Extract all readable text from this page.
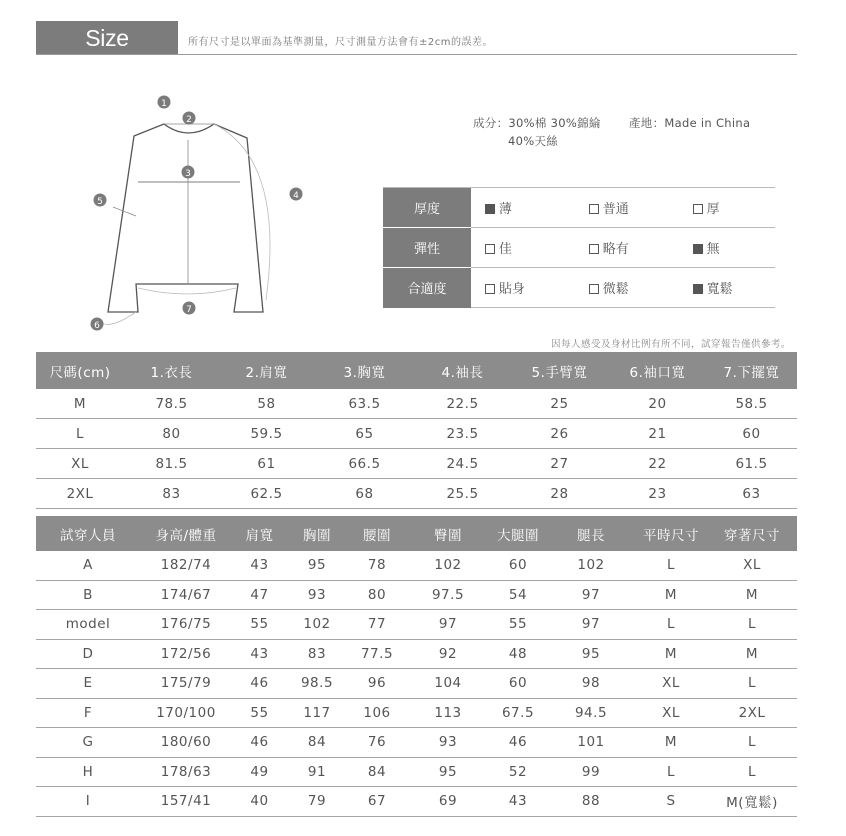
Size Information
所有尺寸是以單面為基準測量，尺寸測量方法會有±2cm的誤差。
1
2
3
4
5
6
7
成分：30%棉 30%錦綸
40%天絲
產地：Made in China
厚度	薄	普通	厚
彈性	佳	略有	無
合適度	貼身	微鬆	寬鬆
因每人感受及身材比例有所不同，試穿報告僅供參考。
尺碼(cm)	1.衣長	2.肩寬	3.胸寬	4.袖長	5.手臂寬	6.袖口寬	7.下擺寬
M	78.5	58	63.5	22.5	25	20	58.5
L	80	59.5	65	23.5	26	21	60
XL	81.5	61	66.5	24.5	27	22	61.5
2XL	83	62.5	68	25.5	28	23	63
試穿人員	身高/體重	肩寬	胸圍	腰圍	臀圍	大腿圍	腿長	平時尺寸	穿著尺寸
A	182/74	43	95	78	102	60	102	L	XL
B	174/67	47	93	80	97.5	54	97	M	M
model	176/75	55	102	77	97	55	97	L	L
D	172/56	43	83	77.5	92	48	95	M	M
E	175/79	46	98.5	96	104	60	98	XL	L
F	170/100	55	117	106	113	67.5	94.5	XL	2XL
G	180/60	46	84	76	93	46	101	M	L
H	178/63	49	91	84	95	52	99	L	L
I	157/41	40	79	67	69	43	88	S	M(寬鬆)
